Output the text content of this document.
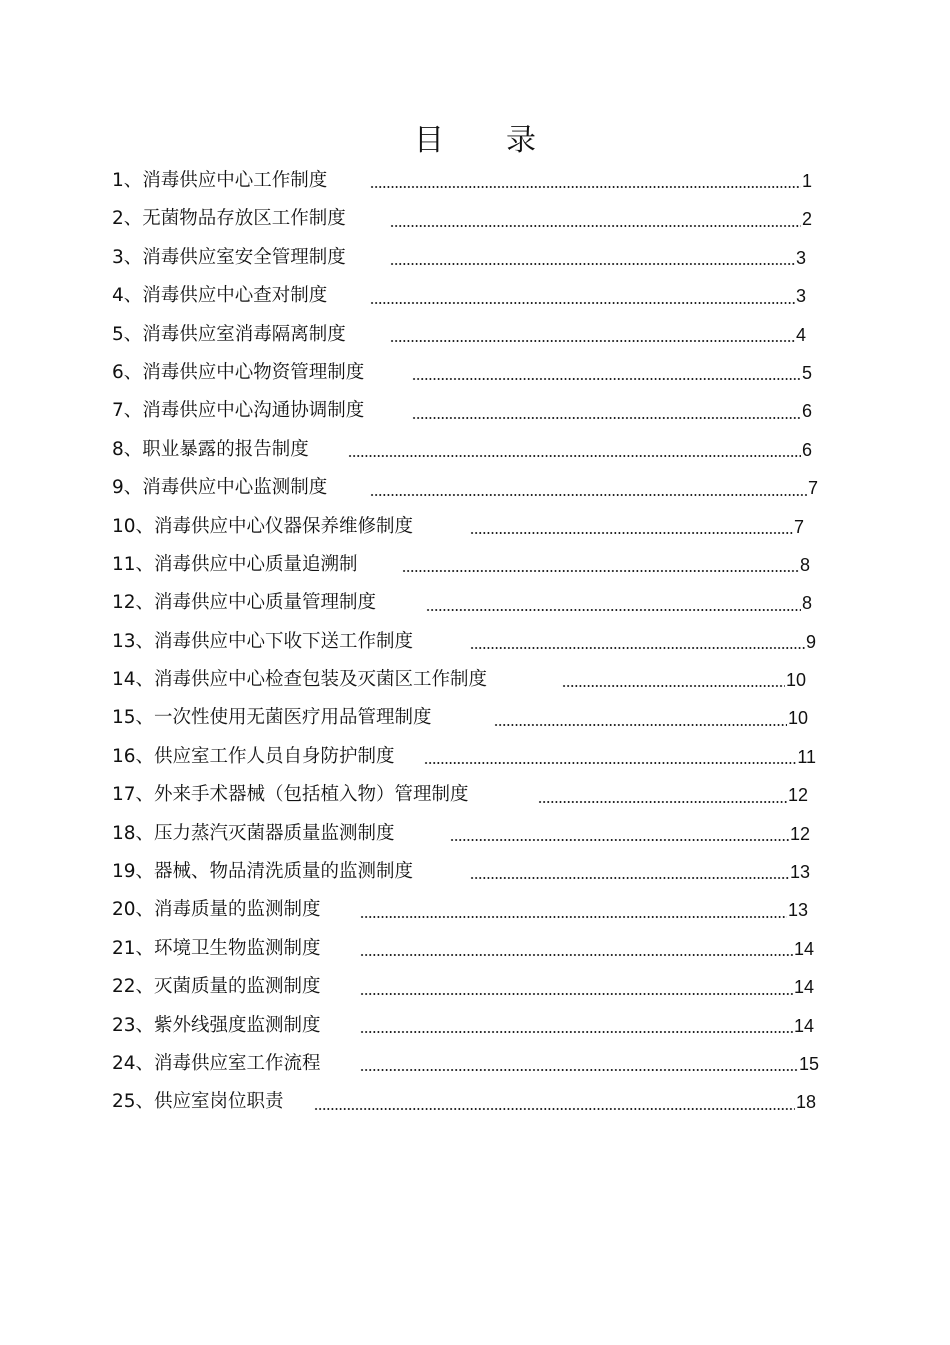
目 录
1、消毒供应中心工作制度	1
2、无菌物品存放区工作制度	2
3、消毒供应室安全管理制度	3
4、消毒供应中心查对制度	3
5、消毒供应室消毒隔离制度	4
6、消毒供应中心物资管理制度	5
7、消毒供应中心沟通协调制度	6
8、职业暴露的报告制度	6
9、消毒供应中心监测制度	7
10、消毒供应中心仪器保养维修制度	7
11、消毒供应中心质量追溯制	8
12、消毒供应中心质量管理制度	8
13、消毒供应中心下收下送工作制度	9
14、消毒供应中心检查包装及灭菌区工作制度	10
15、一次性使用无菌医疗用品管理制度	10
16、供应室工作人员自身防护制度	11
17、外来手术器械（包括植入物）管理制度	12
18、压力蒸汽灭菌器质量监测制度	12
19、器械、物品清洗质量的监测制度	13
20、消毒质量的监测制度	13
21、环境卫生物监测制度	14
22、灭菌质量的监测制度	14
23、紫外线强度监测制度	14
24、消毒供应室工作流程	15
25、供应室岗位职责	18
